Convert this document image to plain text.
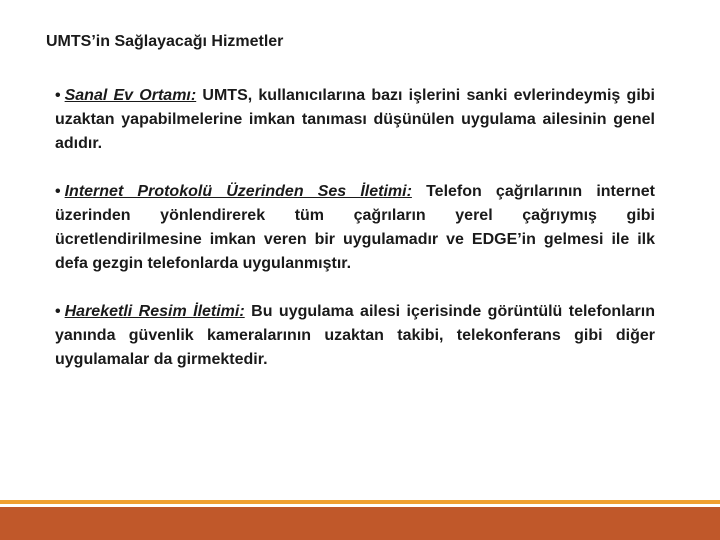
UMTS’in Sağlayacağı Hizmetler

• Sanal Ev Ortamı: UMTS, kullanıcılarına bazı işlerini sanki evlerindeymiş gibi uzaktan yapabilmelerine imkan tanıması düşünülen uygulama ailesinin genel adıdır.

• Internet Protokolü Üzerinden Ses İletimi: Telefon çağrılarının internet üzerinden yönlendirerek tüm çağrıların yerel çağrıymış gibi ücretlendirilmesine imkan veren bir uygulamadır ve EDGE’in gelmesi ile ilk defa gezgin telefonlarda uygulanmıştır.

• Hareketli Resim İletimi: Bu uygulama ailesi içerisinde görüntülü telefonların yanında güvenlik kameralarının uzaktan takibi, telekonferans gibi diğer uygulamalar da girmektedir.
